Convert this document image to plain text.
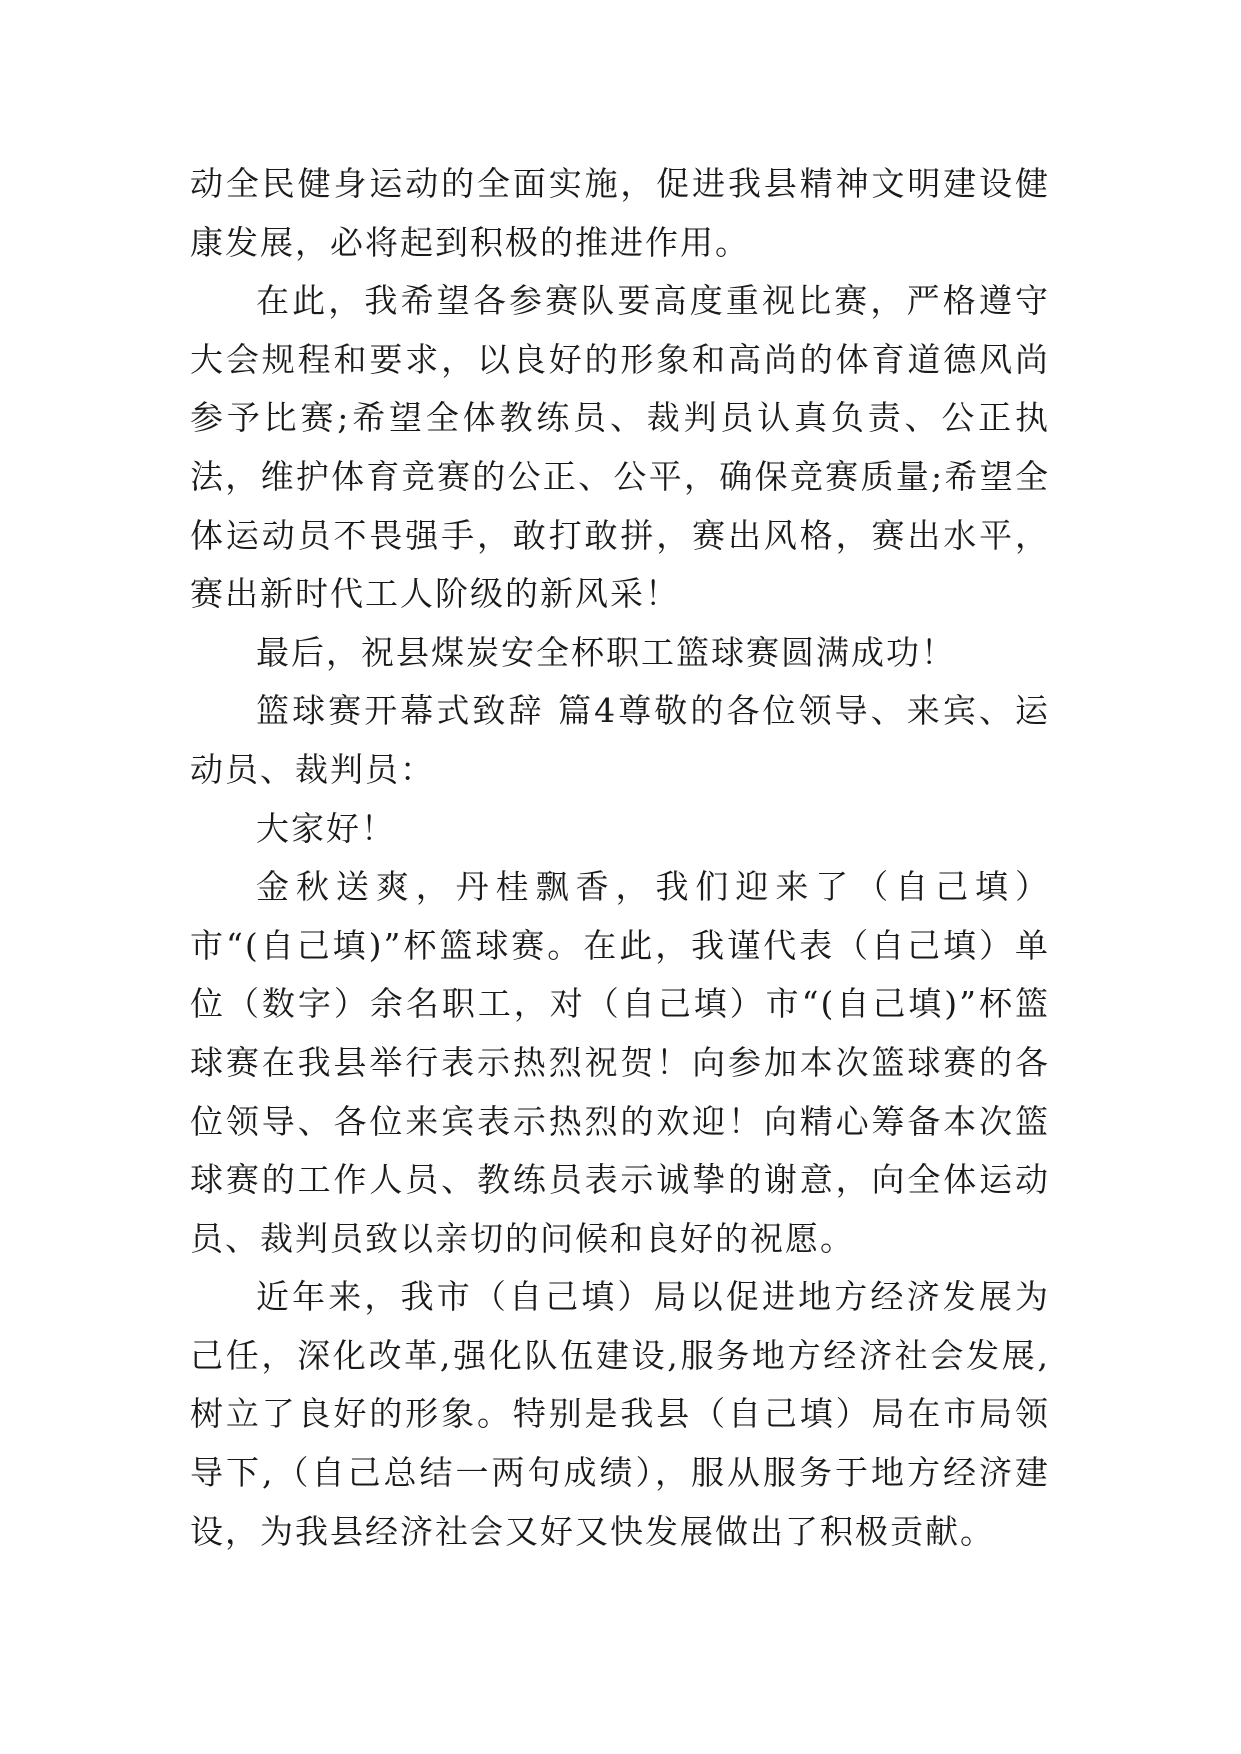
动全民健身运动的全面实施，促进我县精神文明建设健康发展，必将起到积极的推进作用。

在此，我希望各参赛队要高度重视比赛，严格遵守大会规程和要求，以良好的形象和高尚的体育道德风尚参予比赛;希望全体教练员、裁判员认真负责、公正执法，维护体育竞赛的公正、公平，确保竞赛质量;希望全体运动员不畏强手，敢打敢拼，赛出风格，赛出水平，赛出新时代工人阶级的新风采！

最后，祝县煤炭安全杯职工篮球赛圆满成功！

篮球赛开幕式致辞 篇4尊敬的各位领导、来宾、运动员、裁判员：

大家好！

金秋送爽，丹桂飘香，我们迎来了（自己填）市“(自己填)”杯篮球赛。在此，我谨代表（自己填）单位（数字）余名职工，对（自己填）市“(自己填)”杯篮球赛在我县举行表示热烈祝贺！向参加本次篮球赛的各位领导、各位来宾表示热烈的欢迎！向精心筹备本次篮球赛的工作人员、教练员表示诚挚的谢意，向全体运动员、裁判员致以亲切的问候和良好的祝愿。

近年来，我市（自己填）局以促进地方经济发展为己任，深化改革,强化队伍建设,服务地方经济社会发展,树立了良好的形象。特别是我县（自己填）局在市局领导下,（自己总结一两句成绩），服从服务于地方经济建设，为我县经济社会又好又快发展做出了积极贡献。
